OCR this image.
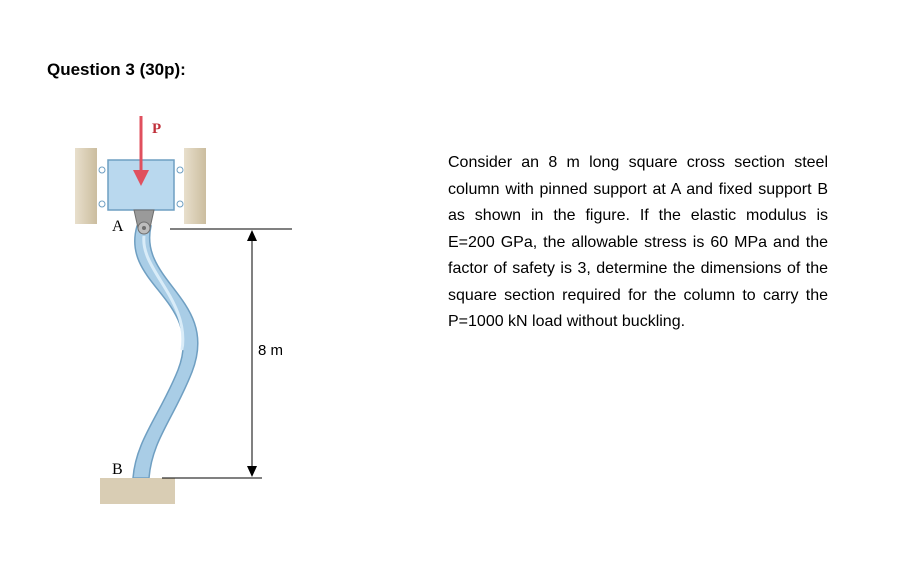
Question 3 (30p):
P
A
B
8 m

Consider an 8 m long square cross section steel column with pinned support at A and fixed support B as shown in the figure. If the elastic modulus is E=200 GPa, the allowable stress is 60 MPa and the factor of safety is 3, determine the dimensions of the square section required for the column to carry the P=1000 kN load without buckling.
